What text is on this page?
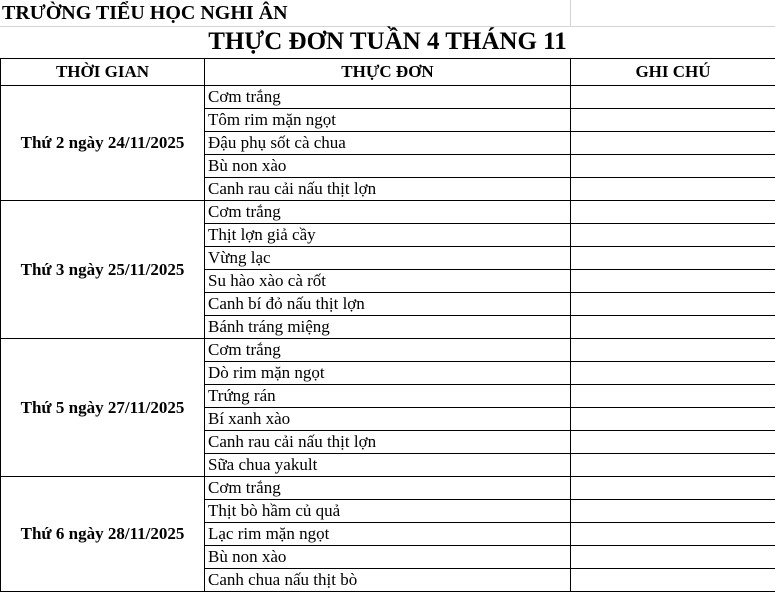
TRƯỜNG TIỂU HỌC NGHI ÂN
THỰC ĐƠN TUẦN 4 THÁNG 11
THỜI GIAN	THỰC ĐƠN	GHI CHÚ
Thứ 2 ngày 24/11/2025	Cơm trắng	
	Tôm rim mặn ngọt	
	Đậu phụ sốt cà chua	
	Bù non xào	
	Canh rau cải nấu thịt lợn	
Thứ 3 ngày 25/11/2025	Cơm trắng	
	Thịt lợn giả cầy	
	Vừng lạc	
	Su hào xào cà rốt	
	Canh bí đỏ nấu thịt lợn	
	Bánh tráng miệng	
Thứ 5 ngày 27/11/2025	Cơm trắng	
	Dò rim mặn ngọt	
	Trứng rán	
	Bí xanh xào	
	Canh rau cải nấu thịt lợn	
	Sữa chua yakult	
Thứ 6 ngày 28/11/2025	Cơm trắng	
	Thịt bò hầm củ quả	
	Lạc rim mặn ngọt	
	Bù non xào	
	Canh chua nấu thịt bò	
